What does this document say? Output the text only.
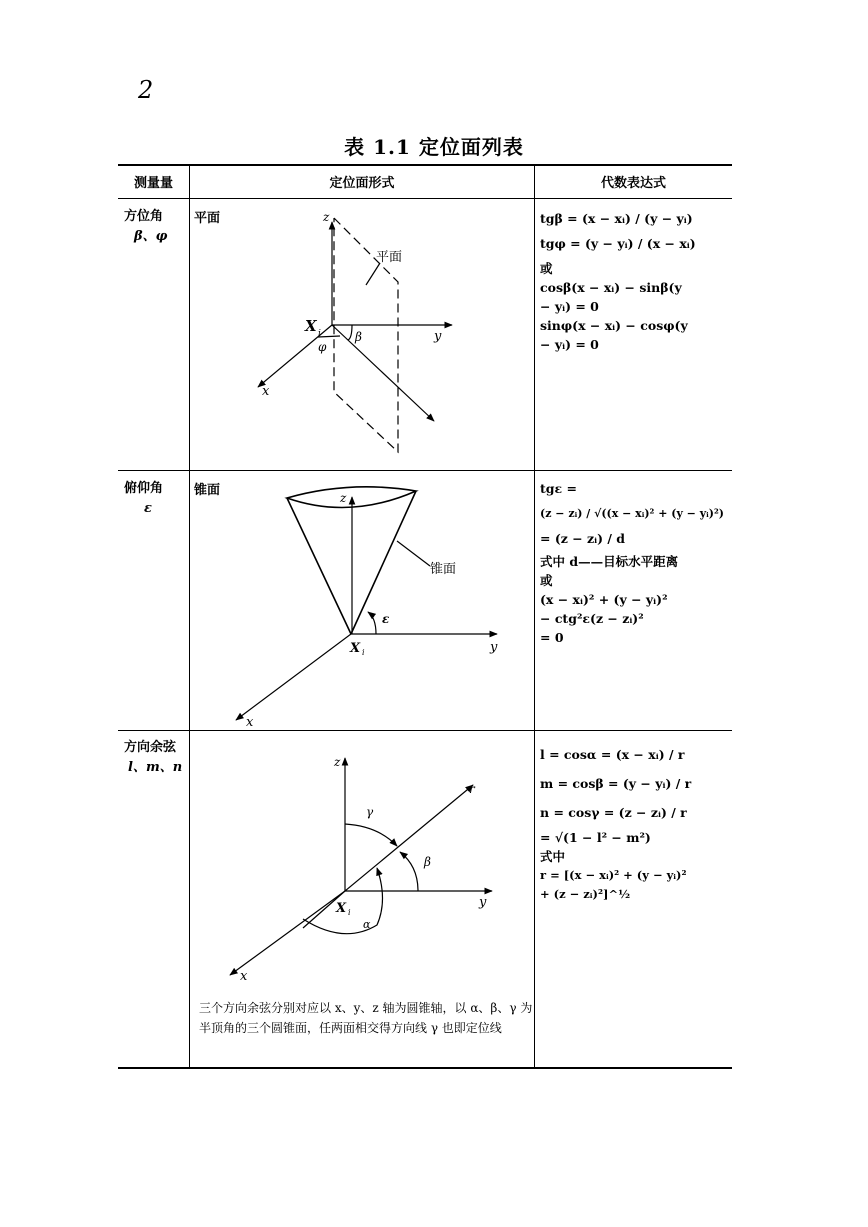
2
表 1.1 定位面列表
测量量	定位面形式	代数表达式
方位角
β、φ
俯仰角
ε
方向余弦
l、m、n
平面
锥面
z
y
x
X i
平面
β
φ
z
y
x
X i
锥面
ε
z
r
y
x
X i
γ
β
α
tgβ = (x − xᵢ) / (y − yᵢ)
tgφ = (y − yᵢ) / (x − xᵢ)
或
cosβ(x − xᵢ) − sinβ(y
− yᵢ) = 0
sinφ(x − xᵢ) − cosφ(y
− yᵢ) = 0
tgε =
(z − zᵢ) / √((x − xᵢ)² + (y − yᵢ)²)
= (z − zᵢ) / d
式中 d——目标水平距离
或
(x − xᵢ)² + (y − yᵢ)²
− ctg²ε(z − zᵢ)²
= 0
l = cosα = (x − xᵢ) / r
m = cosβ = (y − yᵢ) / r
n = cosγ = (z − zᵢ) / r
= √(1 − l² − m²)
式中
r = [(x − xᵢ)² + (y − yᵢ)²
+ (z − zᵢ)²]^½
三个方向余弦分别对应以 x、y、z 轴为圆锥轴，以 α、β、γ 为半顶角的三个圆锥面，任两面相交得方向线 γ 也即定位线
